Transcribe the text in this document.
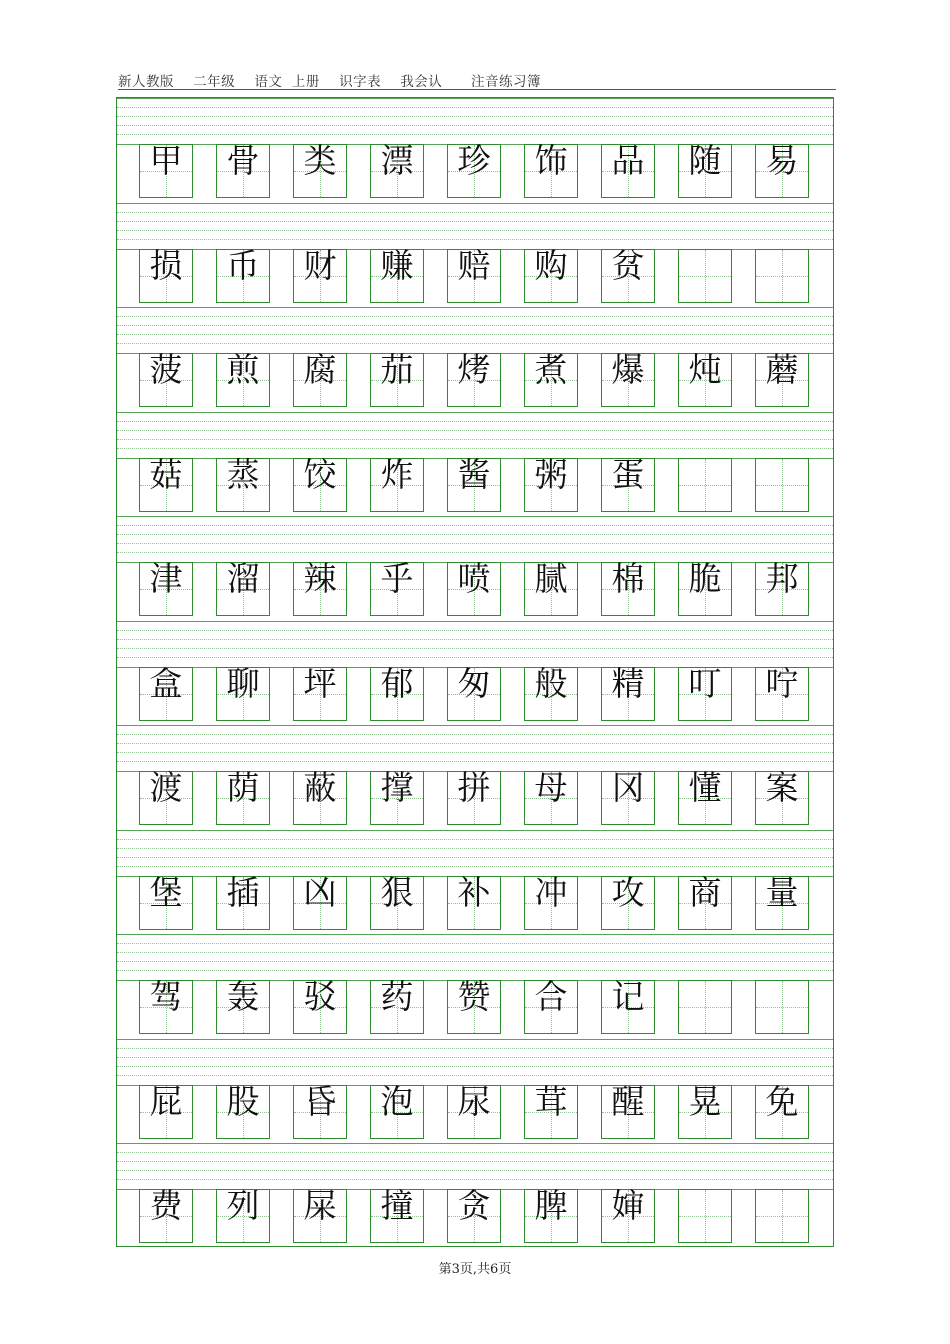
新人教版    二年级    语文  上册    识字表    我会认      注音练习簿
甲 骨 类 漂 珍 饰 品 随 易
损 币 财 赚 赔 购 贫
菠 煎 腐 茄 烤 煮 爆 炖 蘑
菇 蒸 饺 炸 酱 粥 蛋
津 溜 辣 乎 喷 腻 棉 脆 邦
盒 聊 坪 郁 匆 般 精 叮 咛
渡 荫 蔽 撑 拼 母 冈 懂 案
堡 插 凶 狠 补 冲 攻 商 量
驾 轰 驳 药 赞 合 记
屁 股 昏 泡 尿 茸 醒 晃 免
费 列 屎 撞 贪 脾 婶
第3页,共6页
